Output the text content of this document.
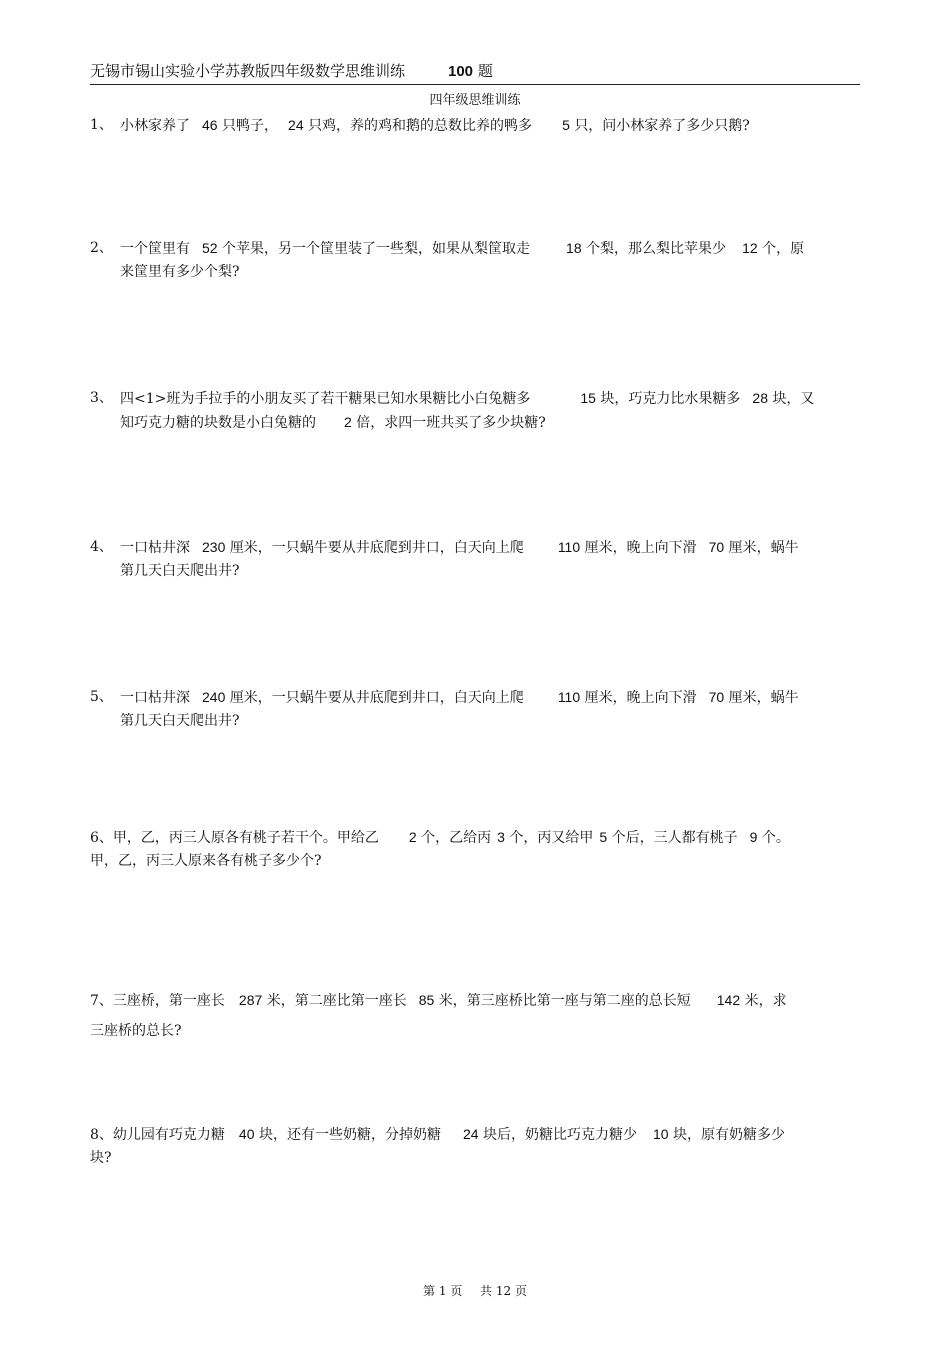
无锡市锡山实验小学苏教版四年级数学思维训练	100 题
四年级思维训练
1、 小林家养了 46 只鸭子， 24 只鸡，养的鸡和鹅的总数比养的鸭多 5 只，问小林家养了多少只鹅?
2、 一个筐里有 52 个苹果，另一个筐里装了一些梨，如果从梨筐取走	18 个梨，那么梨比苹果少 12 个，原
来筐里有多少个梨?
3、 四<1>班为手拉手的小朋友买了若干糖果已知水果糖比小白兔糖多	15 块，巧克力比水果糖多 28 块，又
知巧克力糖的块数是小白兔糖的 2 倍，求四一班共买了多少块糖?
4、 一口枯井深 230 厘米，一只蜗牛要从井底爬到井口，白天向上爬 110 厘米，晚上向下滑 70 厘米，蜗牛
第几天白天爬出井?
5、 一口枯井深 240 厘米，一只蜗牛要从井底爬到井口，白天向上爬 110 厘米，晚上向下滑 70 厘米，蜗牛
第几天白天爬出井?
6、甲，乙，丙三人原各有桃子若干个。甲给乙 2 个，乙给丙 3 个，丙又给甲 5 个后，三人都有桃子 9 个。
甲，乙，丙三人原来各有桃子多少个?
7、三座桥，第一座长 287 米，第二座比第一座长 85 米，第三座桥比第一座与第二座的总长短 142 米，求
三座桥的总长?
8、幼儿园有巧克力糖 40 块，还有一些奶糖，分掉奶糖 24 块后，奶糖比巧克力糖少 10 块，原有奶糖多少
块?
第 1 页 共 12 页
